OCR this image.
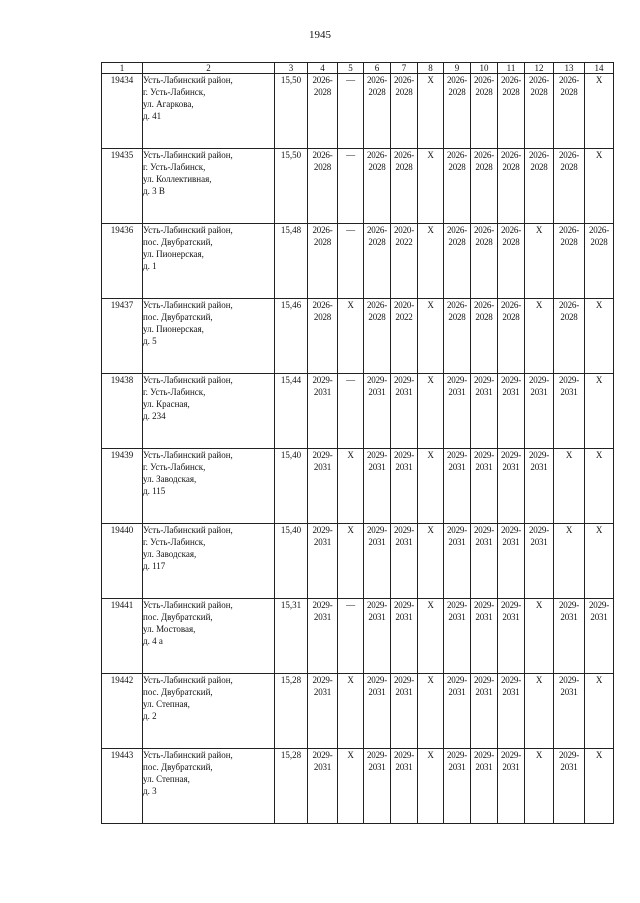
1945
1	2	3	4	5	6	7	8	9	10	11	12	13	14
19434	Усть-Лабинский район,
г. Усть-Лабинск,
ул. Агаркова,
д. 41	15,50	2026-
2028	—	2026-
2028	2026-
2028	X	2026-
2028	2026-
2028	2026-
2028	2026-
2028	2026-
2028	X
19435	Усть-Лабинский район,
г. Усть-Лабинск,
ул. Коллективная,
д. 3 В	15,50	2026-
2028	—	2026-
2028	2026-
2028	X	2026-
2028	2026-
2028	2026-
2028	2026-
2028	2026-
2028	X
19436	Усть-Лабинский район,
пос. Двубратский,
ул. Пионерская,
д. 1	15,48	2026-
2028	—	2026-
2028	2020-
2022	X	2026-
2028	2026-
2028	2026-
2028	X	2026-
2028	2026-
2028

19437	Усть-Лабинский район,
пос. Двубратский,
ул. Пионерская,
д. 5	15,46	2026-
2028	X	2026-
2028	2020-
2022	X	2026-
2028	2026-
2028	2026-
2028	X	2026-
2028	X
19438	Усть-Лабинский район,
г. Усть-Лабинск,
ул. Красная,
д. 234	15,44	2029-
2031	—	2029-
2031	2029-
2031	X	2029-
2031	2029-
2031	2029-
2031	2029-
2031	2029-
2031	X
19439	Усть-Лабинский район,
г. Усть-Лабинск,
ул. Заводская,
д. 115	15,40	2029-
2031	X	2029-
2031	2029-
2031	X	2029-
2031	2029-
2031	2029-
2031	2029-
2031	X	X
19440	Усть-Лабинский район,
г. Усть-Лабинск,
ул. Заводская,
д. 117	15,40	2029-
2031	X	2029-
2031	2029-
2031	X	2029-
2031	2029-
2031	2029-
2031	2029-
2031	X	X
19441	Усть-Лабинский район,
пос. Двубратский,
ул. Мостовая,
д. 4 а	15,31	2029-
2031	—	2029-
2031	2029-
2031	X	2029-
2031	2029-
2031	2029-
2031	X	2029-
2031	2029-
2031

19442	Усть-Лабинский район,
пос. Двубратский,
ул. Степная,
д. 2	15,28	2029-
2031	X	2029-
2031	2029-
2031	X	2029-
2031	2029-
2031	2029-
2031	X	2029-
2031	X
19443	Усть-Лабинский район,
пос. Двубратский,
ул. Степная,
д. 3	15,28	2029-
2031	X	2029-
2031	2029-
2031	X	2029-
2031	2029-
2031	2029-
2031	X	2029-
2031	X
